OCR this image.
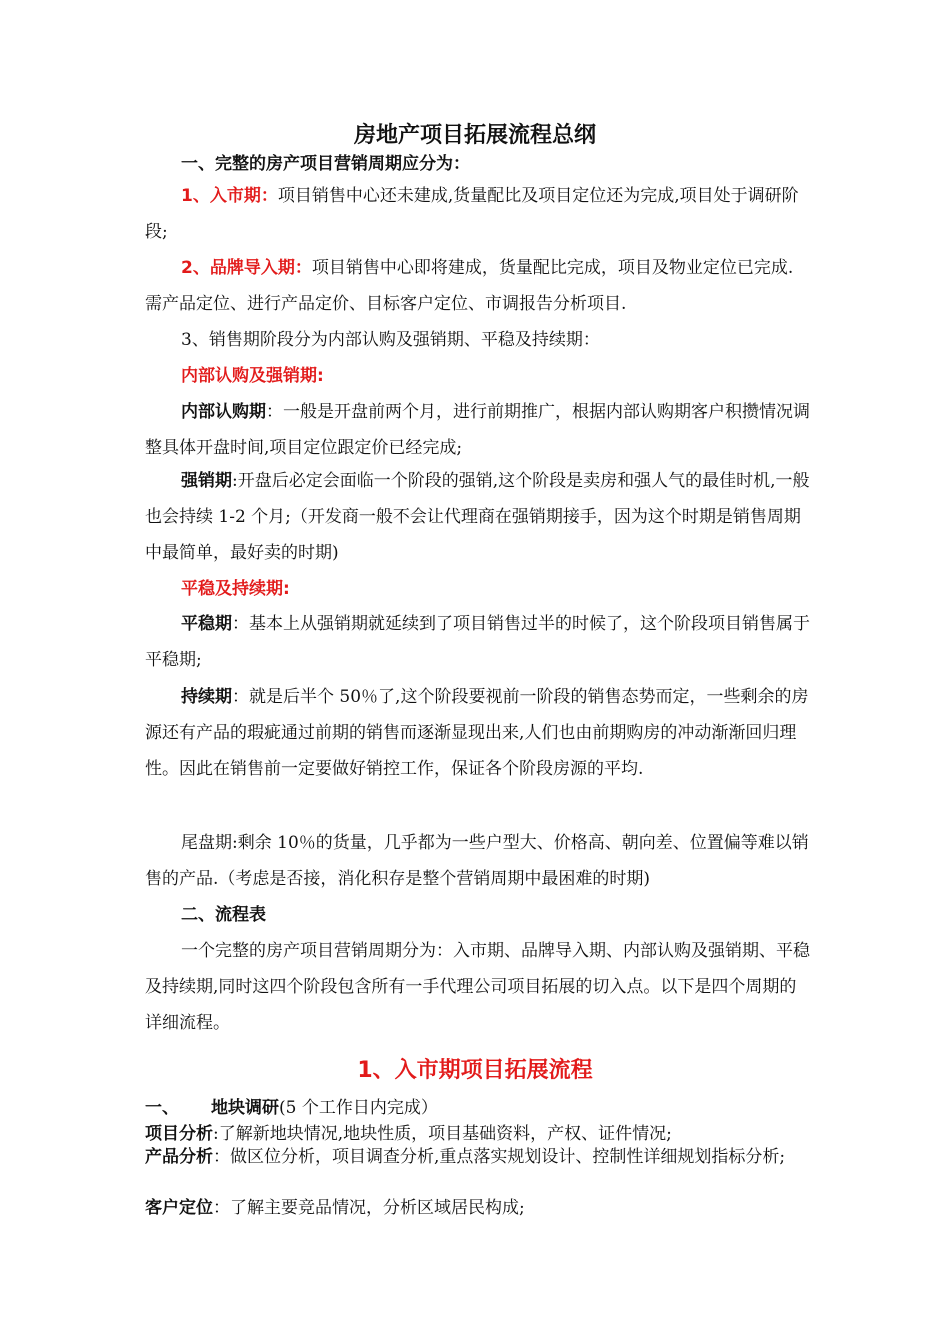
房地产项目拓展流程总纲

一、完整的房产项目营销周期应分为：

1、入市期：项目销售中心还未建成,货量配比及项目定位还为完成,项目处于调研阶段;

2、品牌导入期：项目销售中心即将建成，货量配比完成，项目及物业定位已完成.需产品定位、进行产品定价、目标客户定位、市调报告分析项目.

3、销售期阶段分为内部认购及强销期、平稳及持续期：

内部认购及强销期:

内部认购期：一般是开盘前两个月，进行前期推广，根据内部认购期客户积攒情况调整具体开盘时间,项目定位跟定价已经完成;

强销期:开盘后必定会面临一个阶段的强销,这个阶段是卖房和强人气的最佳时机,一般也会持续 1-2 个月;（开发商一般不会让代理商在强销期接手，因为这个时期是销售周期中最简单，最好卖的时期)

平稳及持续期:

平稳期：基本上从强销期就延续到了项目销售过半的时候了，这个阶段项目销售属于平稳期;

持续期：就是后半个 50％了,这个阶段要视前一阶段的销售态势而定，一些剩余的房源还有产品的瑕疵通过前期的销售而逐渐显现出来,人们也由前期购房的冲动渐渐回归理性。因此在销售前一定要做好销控工作，保证各个阶段房源的平均.

尾盘期:剩余 10％的货量，几乎都为一些户型大、价格高、朝向差、位置偏等难以销售的产品.（考虑是否接，消化积存是整个营销周期中最困难的时期)

二、流程表

一个完整的房产项目营销周期分为：入市期、品牌导入期、内部认购及强销期、平稳及持续期,同时这四个阶段包含所有一手代理公司项目拓展的切入点。以下是四个周期的详细流程。

1、入市期项目拓展流程

一、 地块调研(5 个工作日内完成）

项目分析:了解新地块情况,地块性质，项目基础资料，产权、证件情况;

产品分析：做区位分析，项目调查分析,重点落实规划设计、控制性详细规划指标分析;

客户定位：了解主要竞品情况，分析区域居民构成;
